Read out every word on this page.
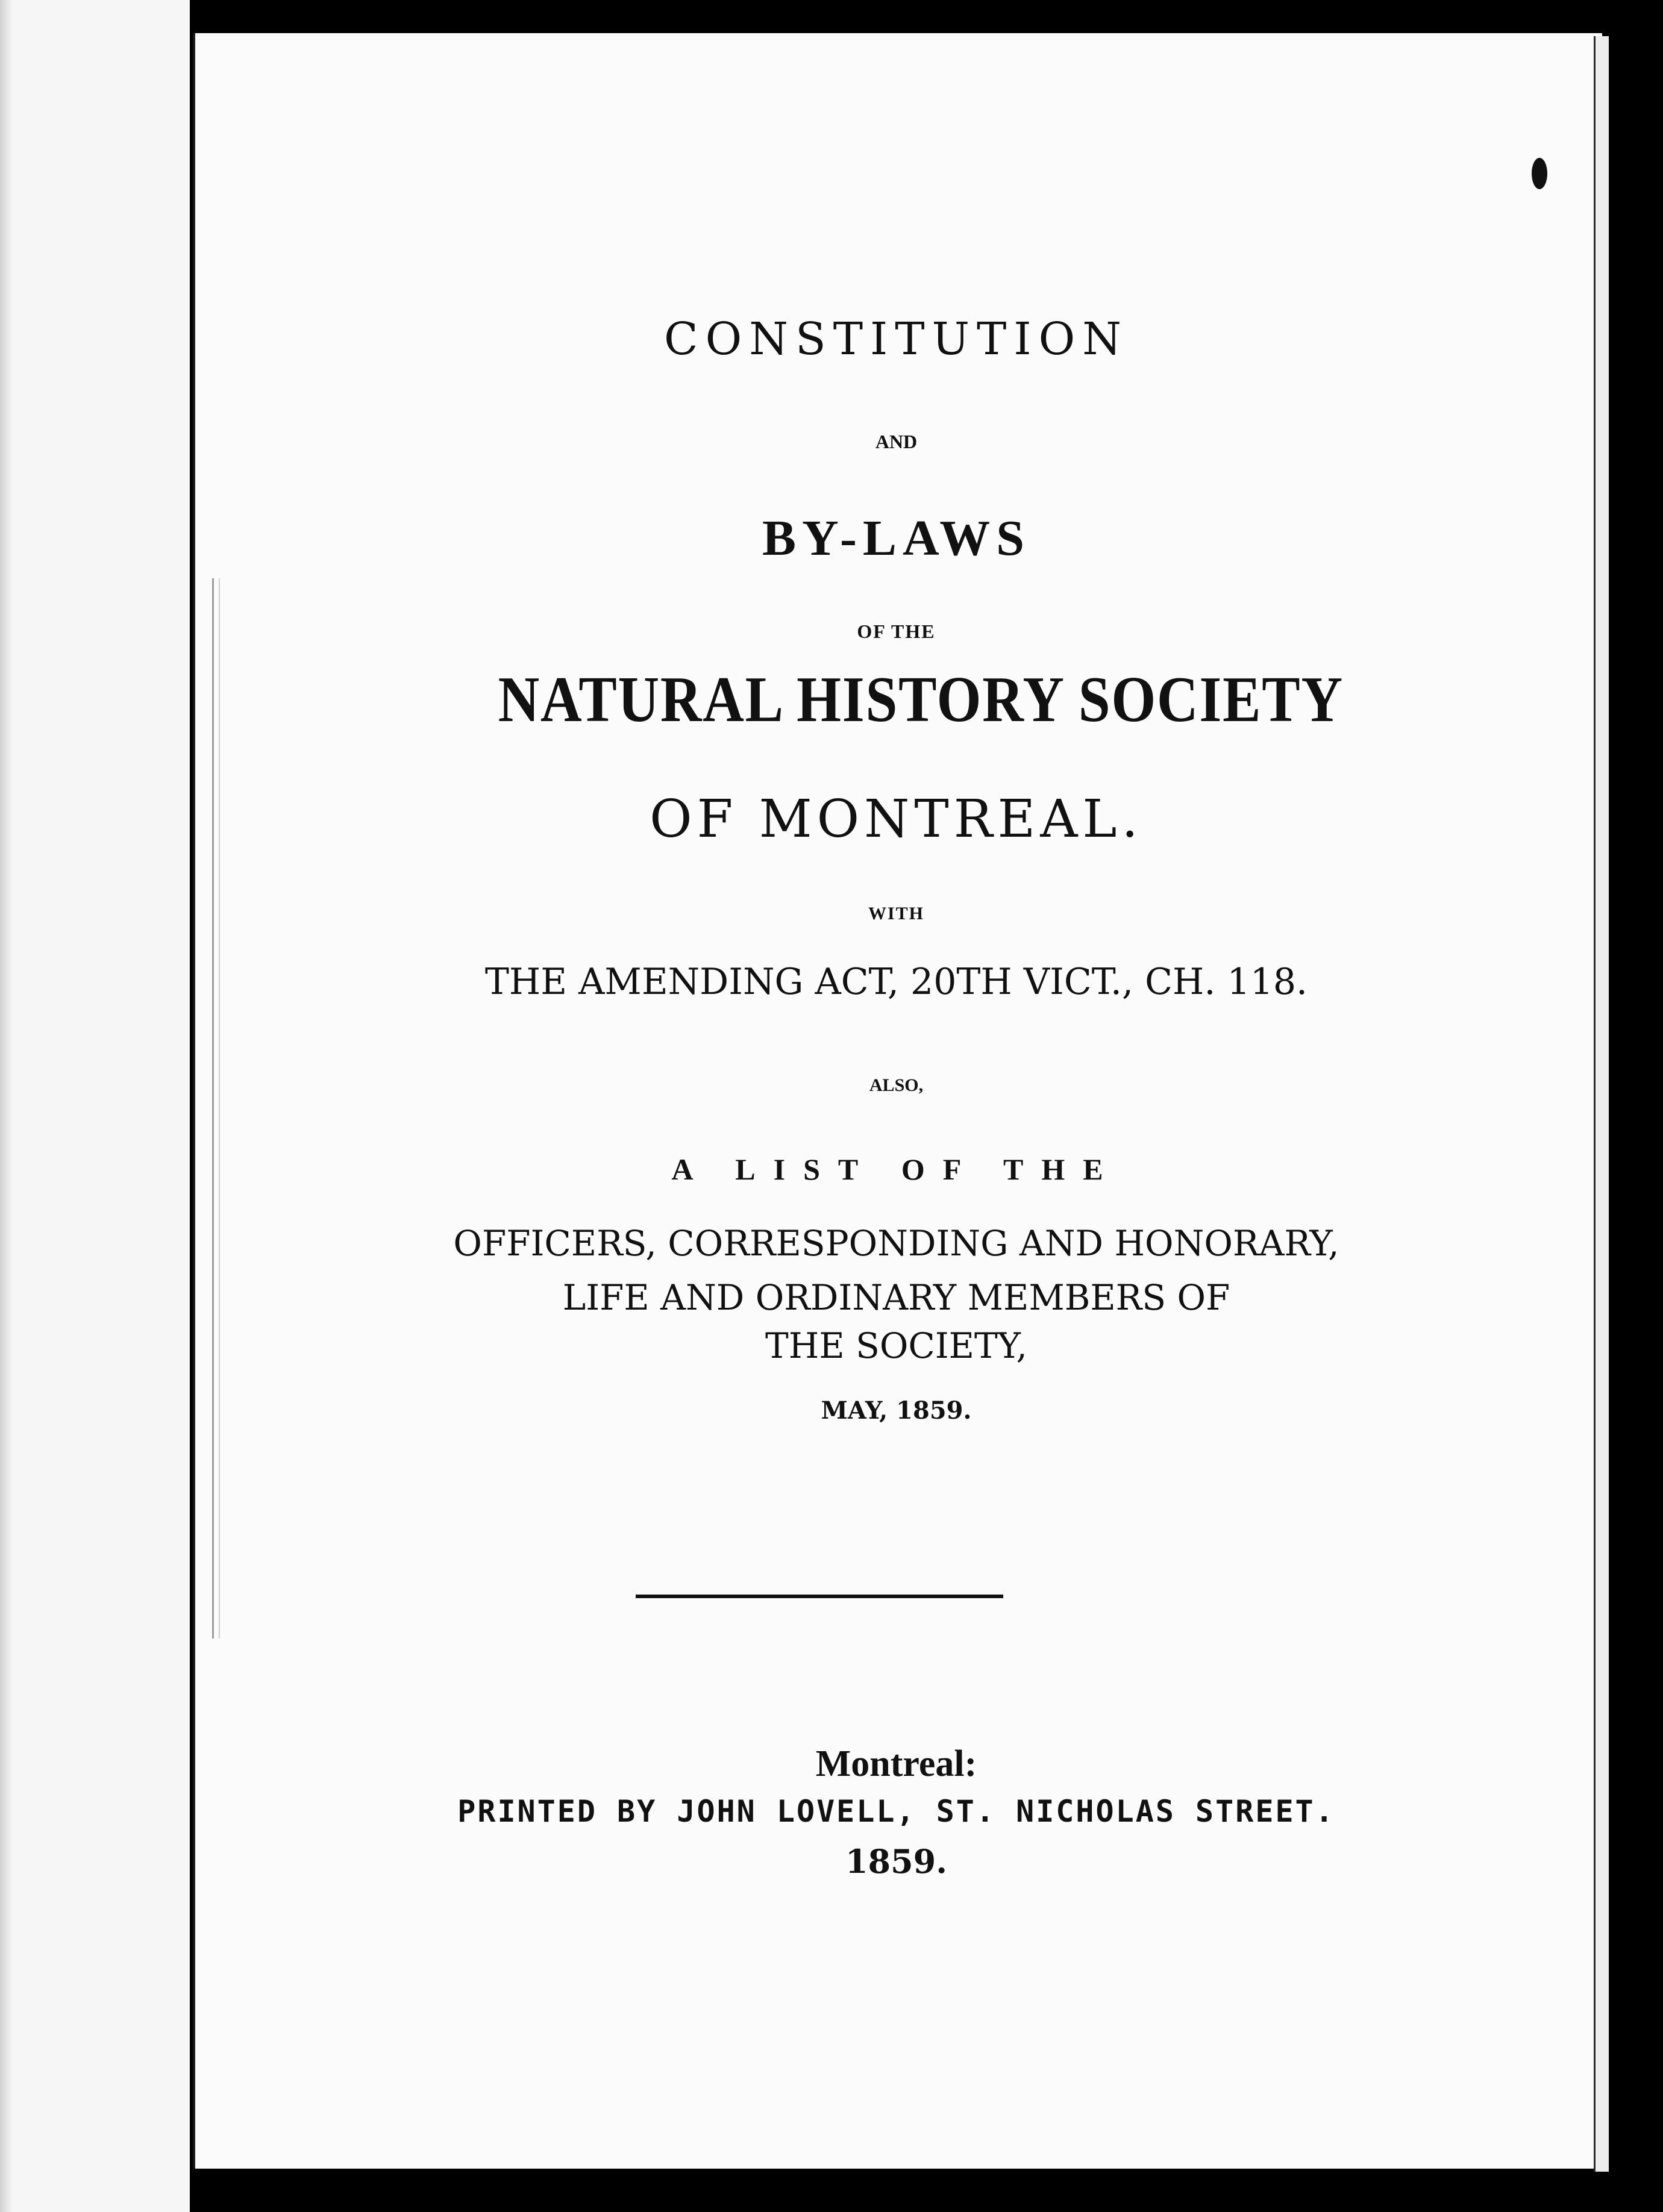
CONSTITUTION

AND

BY-LAWS

OF THE

NATURAL HISTORY SOCIETY

OF MONTREAL.

WITH

THE AMENDING ACT, 20TH VICT., CH. 118.

ALSO,

A LIST OF THE

OFFICERS, CORRESPONDING AND HONORARY,

LIFE AND ORDINARY MEMBERS OF

THE SOCIETY,

MAY, 1859.

Montreal:

PRINTED BY JOHN LOVELL, ST. NICHOLAS STREET.

1859.
